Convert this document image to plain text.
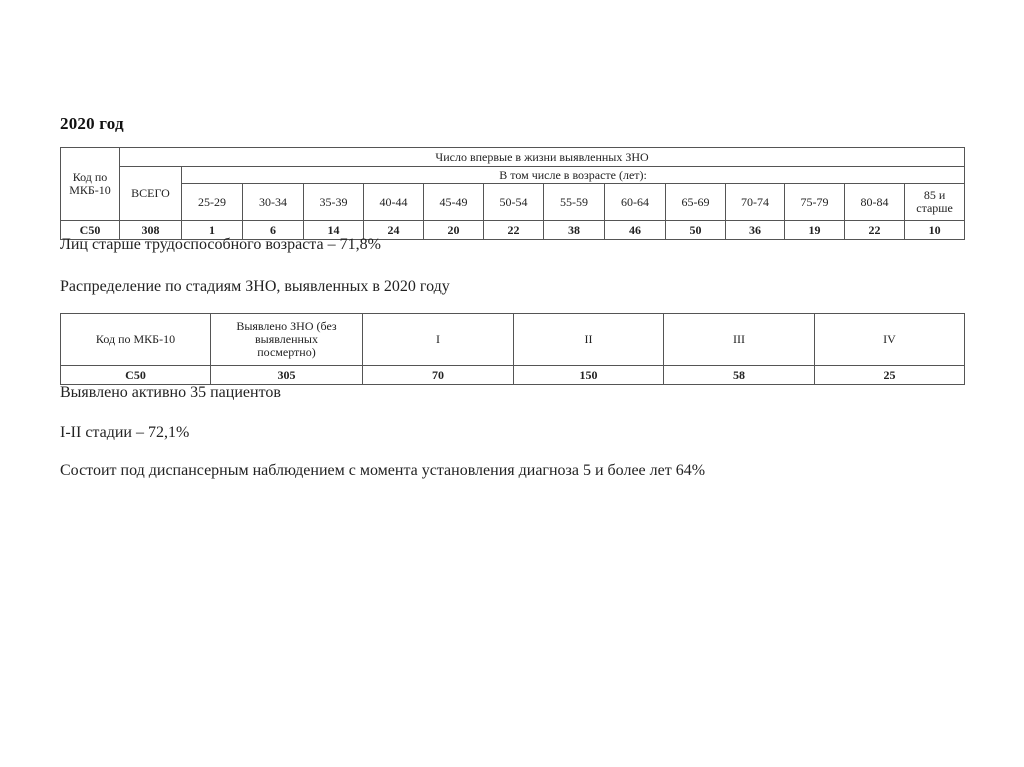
2020 год
Код по МКБ-10	Число впервые в жизни выявленных ЗНО													
	ВСЕГО	В том числе в возрасте (лет):												
		25-29	30-34	35-39	40-44	45-49	50-54	55-59	60-64	65-69	70-74	75-79	80-84	85 и старше
С50	308	1	6	14	24	20	22	38	46	50	36	19	22	10
Лиц старше трудоспособного возраста – 71,8%
Распределение по стадиям ЗНО, выявленных в 2020 году
Код по МКБ-10	Выявлено ЗНО (без выявленных посмертно)	I	II	III	IV
С50	305	70	150	58	25
Выявлено активно 35 пациентов
I-II стадии – 72,1%
Состоит под диспансерным наблюдением с момента установления диагноза 5 и более лет 64%
